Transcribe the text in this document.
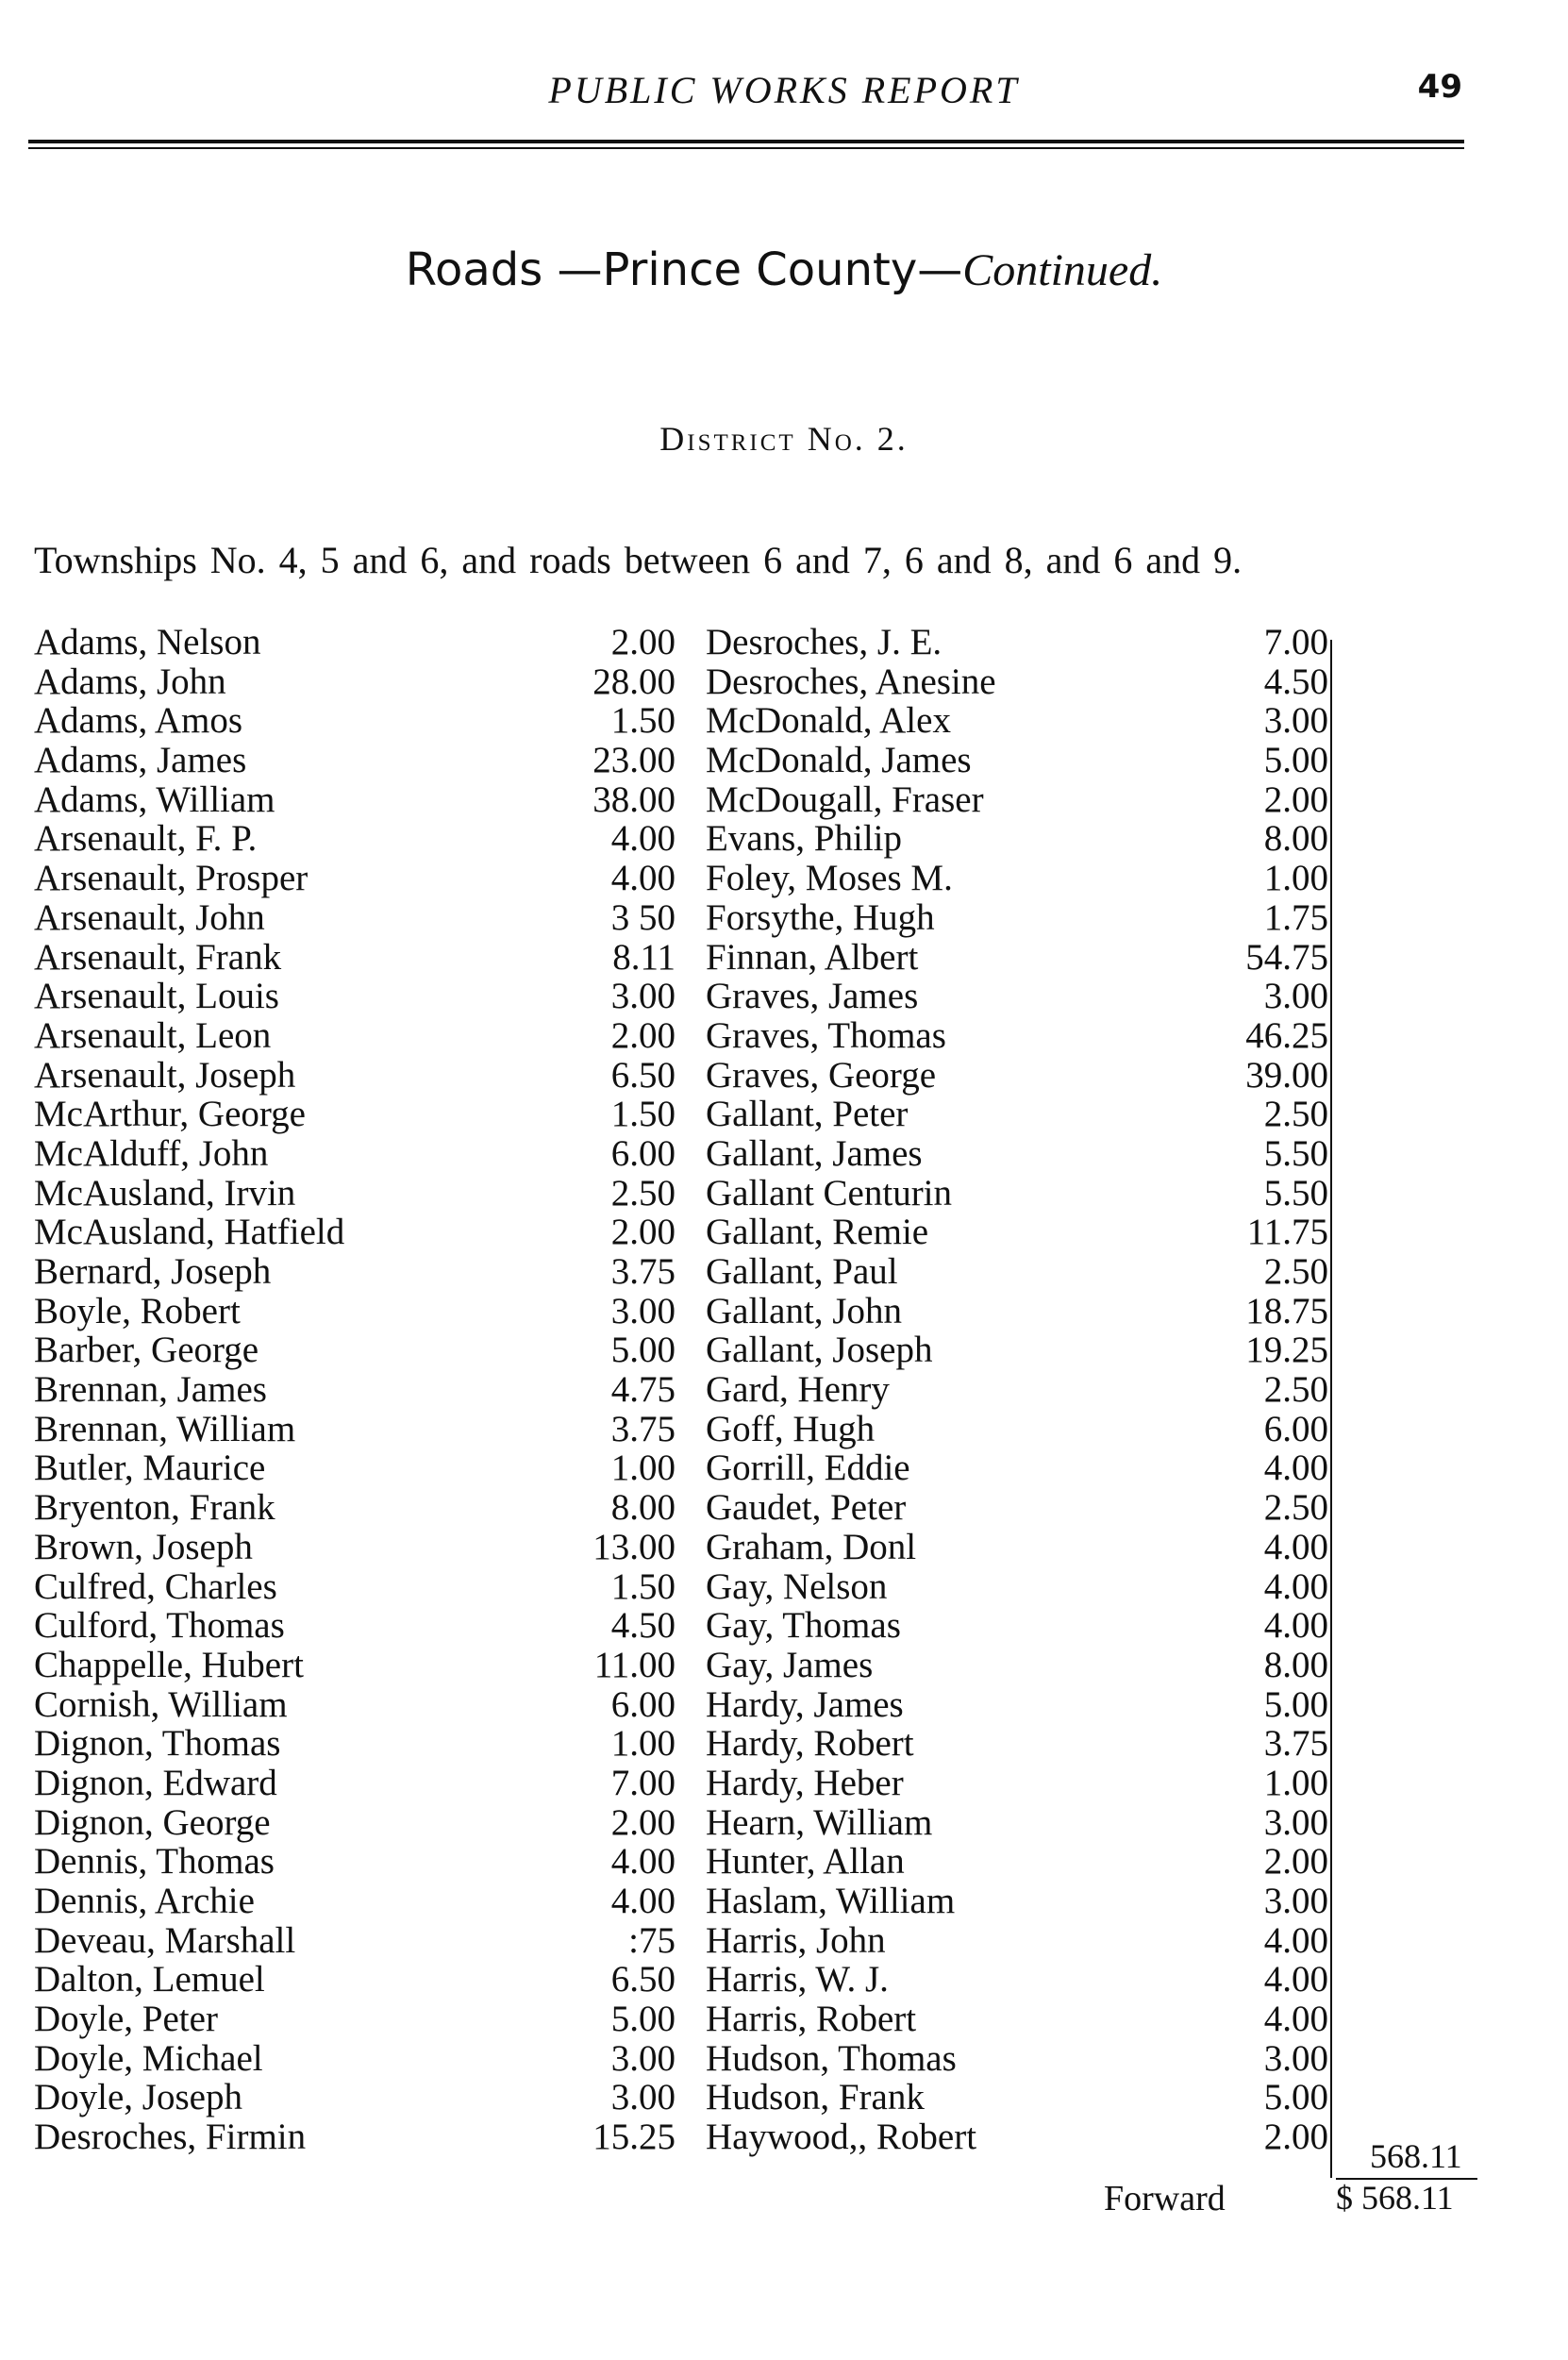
PUBLIC WORKS REPORT	49
Roads —Prince County—Continued.
District No. 2.
Townships No. 4, 5 and 6, and roads between 6 and 7, 6 and 8, and 6 and 9.
Adams, Nelson	2.00
Adams, John	28.00
Adams, Amos	1.50
Adams, James	23.00
Adams, William	38.00
Arsenault, F. P.	4.00
Arsenault, Prosper	4.00
Arsenault, John	3 50
Arsenault, Frank	8.11
Arsenault, Louis	3.00
Arsenault, Leon	2.00
Arsenault, Joseph	6.50
McArthur, George	1.50
McAlduff, John	6.00
McAusland, Irvin	2.50
McAusland, Hatfield	2.00
Bernard, Joseph	3.75
Boyle, Robert	3.00
Barber, George	5.00
Brennan, James	4.75
Brennan, William	3.75
Butler, Maurice	1.00
Bryenton, Frank	8.00
Brown, Joseph	13.00
Culfred, Charles	1.50
Culford, Thomas	4.50
Chappelle, Hubert	11.00
Cornish, William	6.00
Dignon, Thomas	1.00
Dignon, Edward	7.00
Dignon, George	2.00
Dennis, Thomas	4.00
Dennis, Archie	4.00
Deveau, Marshall	:75
Dalton, Lemuel	6.50
Doyle, Peter	5.00
Doyle, Michael	3.00
Doyle, Joseph	3.00
Desroches, Firmin	15.25
Desroches, J. E.	7.00
Desroches, Anesine	4.50
McDonald, Alex	3.00
McDonald, James	5.00
McDougall, Fraser	2.00
Evans, Philip	8.00
Foley, Moses M.	1.00
Forsythe, Hugh	1.75
Finnan, Albert	54.75
Graves, James	3.00
Graves, Thomas	46.25
Graves, George	39.00
Gallant, Peter	2.50
Gallant, James	5.50
Gallant Centurin	5.50
Gallant, Remie	11.75
Gallant, Paul	2.50
Gallant, John	18.75
Gallant, Joseph	19.25
Gard, Henry	2.50
Goff, Hugh	6.00
Gorrill, Eddie	4.00
Gaudet, Peter	2.50
Graham, Donl	4.00
Gay, Nelson	4.00
Gay, Thomas	4.00
Gay, James	8.00
Hardy, James	5.00
Hardy, Robert	3.75
Hardy, Heber	1.00
Hearn, William	3.00
Hunter, Allan	2.00
Haslam, William	3.00
Harris, John	4.00
Harris, W. J.	4.00
Harris, Robert	4.00
Hudson, Thomas	3.00
Hudson, Frank	5.00
Haywood,, Robert	2.00 568.11
Forward	$ 568.11
